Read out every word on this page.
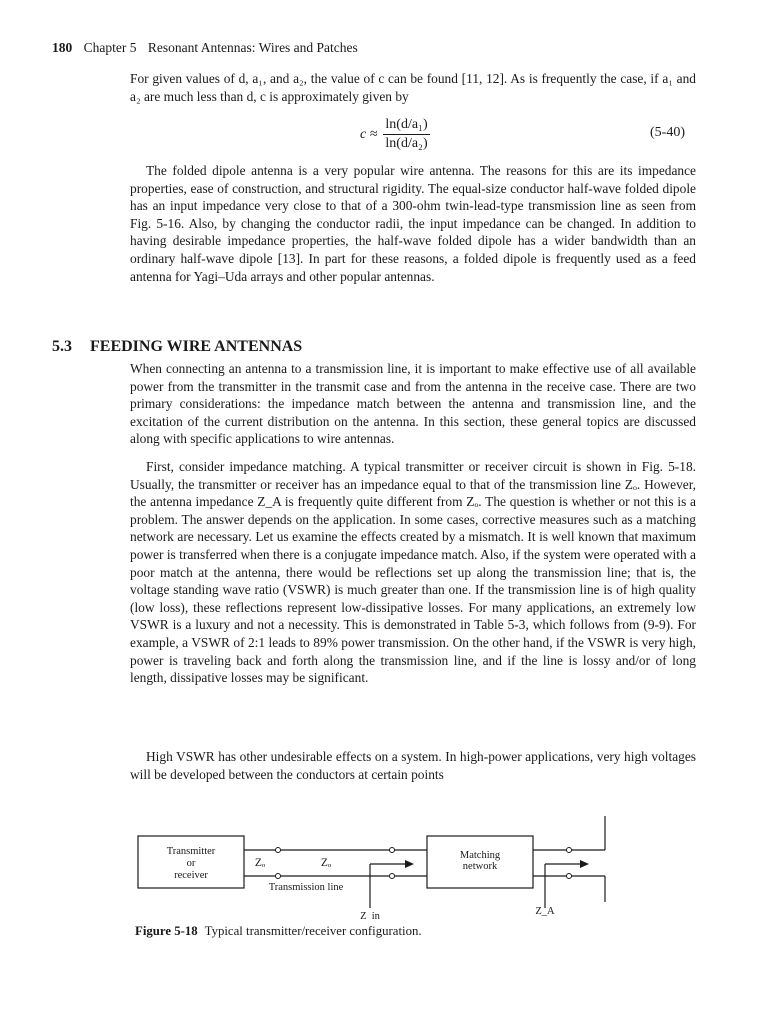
180 Chapter 5 Resonant Antennas: Wires and Patches

For given values of d, a₁, and a₂, the value of c can be found [11, 12]. As is frequently the case, if a₁ and a₂ are much less than d, c is approximately given by

$c \approx \frac{\text{ln(d/a₁)}}{\text{ln(d/a₂)}}$	(5-40)

The folded dipole antenna is a very popular wire antenna. The reasons for this are its impedance properties, ease of construction, and structural rigidity. The equal-size conductor half-wave folded dipole has an input impedance very close to that of a 300-ohm twin-lead-type transmission line as seen from Fig. 5-16. Also, by changing the conductor radii, the input impedance can be changed. In addition to having desirable impedance properties, the half-wave folded dipole has a wider bandwidth than an ordinary half-wave dipole [13]. In part for these reasons, a folded dipole is frequently used as a feed antenna for Yagi–Uda arrays and other popular antennas.

5.3 FEEDING WIRE ANTENNAS

When connecting an antenna to a transmission line, it is important to make effective use of all available power from the transmitter in the transmit case and from the antenna in the receive case. There are two primary considerations: the impedance match between the antenna and transmission line, and the excitation of the current distribution on the antenna. In this section, these general topics are discussed along with specific applications to wire antennas.

First, consider impedance matching. A typical transmitter or receiver circuit is shown in Fig. 5-18. Usually, the transmitter or receiver has an impedance equal to that of the transmission line Zₒ. However, the antenna impedance Z_A is frequently quite different from Zₒ. The question is whether or not this is a problem. The answer depends on the application. In some cases, corrective measures such as a matching network are necessary. Let us examine the effects created by a mismatch. It is well known that maximum power is transferred when there is a conjugate impedance match. Also, if the system were operated with a poor match at the antenna, there would be reflections set up along the transmission line; that is, the voltage standing wave ratio (VSWR) is much greater than one. If the transmission line is of high quality (low loss), these reflections represent low-dissipative losses. For many applications, an extremely low VSWR is a luxury and not a necessity. This is demonstrated in Table 5-3, which follows from (9-9). For example, a VSWR of 2:1 leads to 89% power transmission. On the other hand, if the VSWR is very high, power is traveling back and forth along the transmission line, and if the line is lossy and/or of long length, dissipative losses may be significant.

High VSWR has other undesirable effects on a system. In high-power applications, very high voltages will be developed between the conductors at certain points

Transmitter
or
receiver
Matching
network
Zₒ	Zₒ
Transmission line
Z_in	Z_A
Figure 5-18 Typical transmitter/receiver configuration.
